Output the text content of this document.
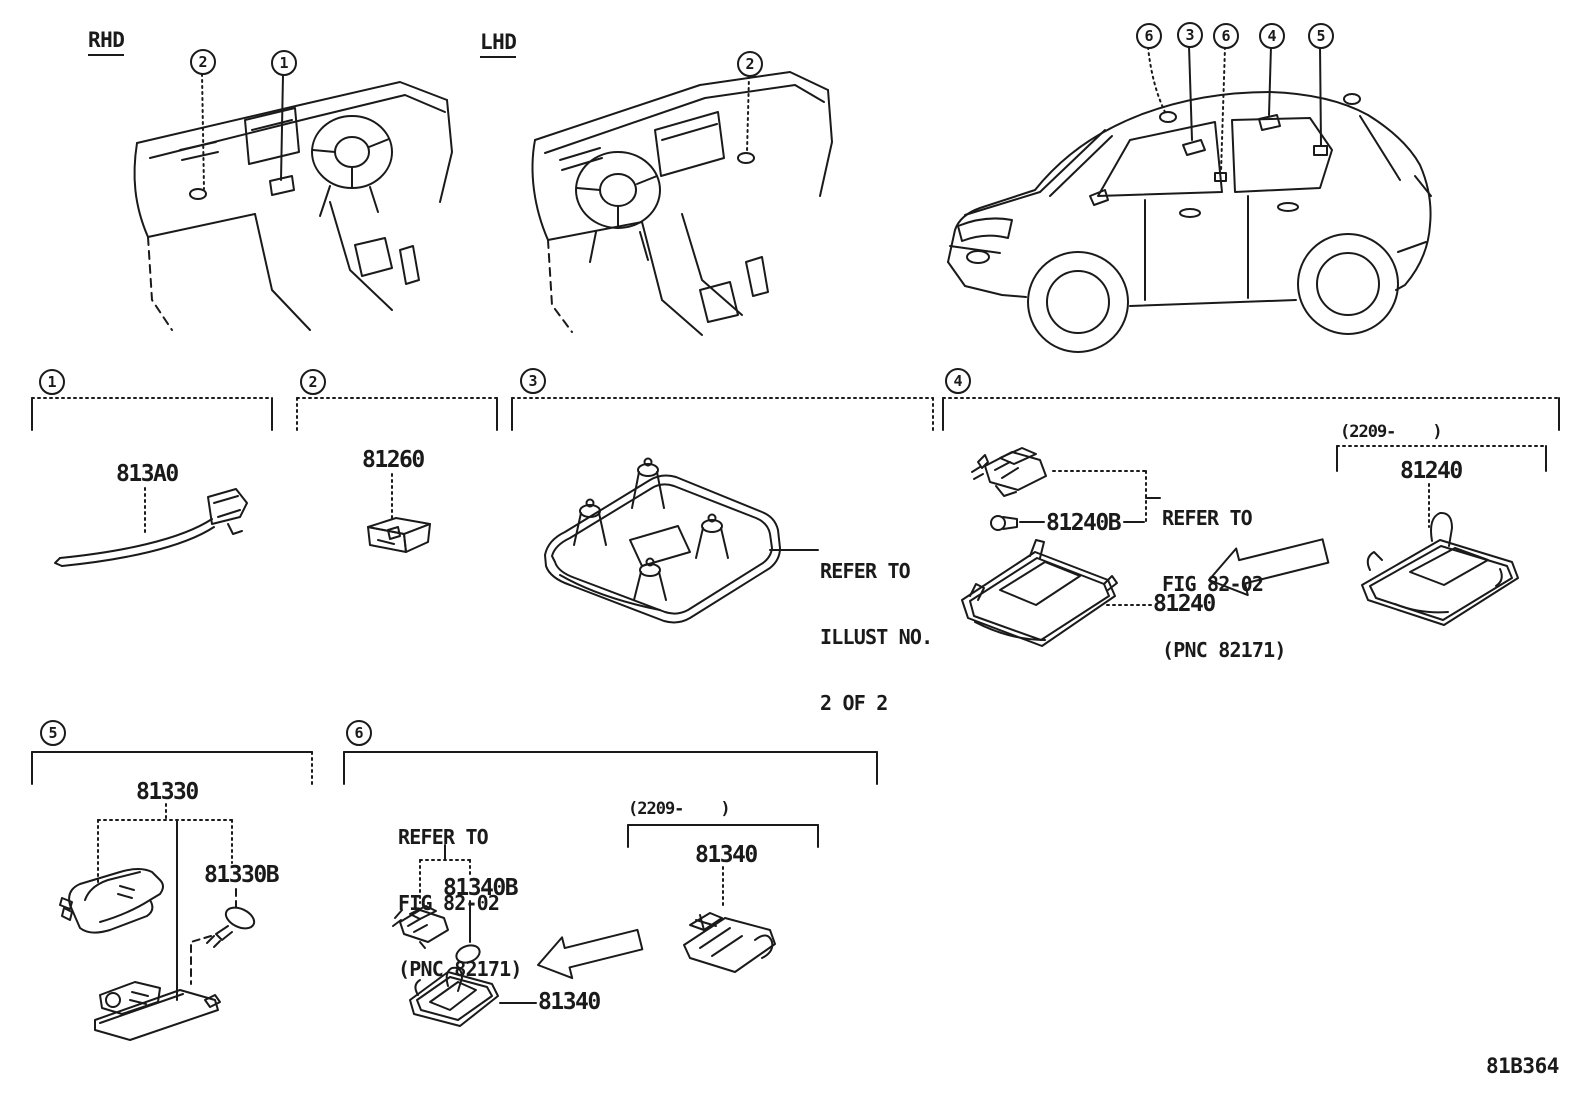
RHD	LHD
2	1	2
6	3	6	4	5
1	2	3	4
5	6
813A0
81260
81240B
81240
81240
81330
81330B	81340B
81340
81340
(2209-    )
(2209-    )

REFER TO

ILLUST NO.

2 OF 2

REFER TO

FIG 82-02

(PNC 82171)

REFER TO

FIG 82-02

(PNC 82171)

81B364
